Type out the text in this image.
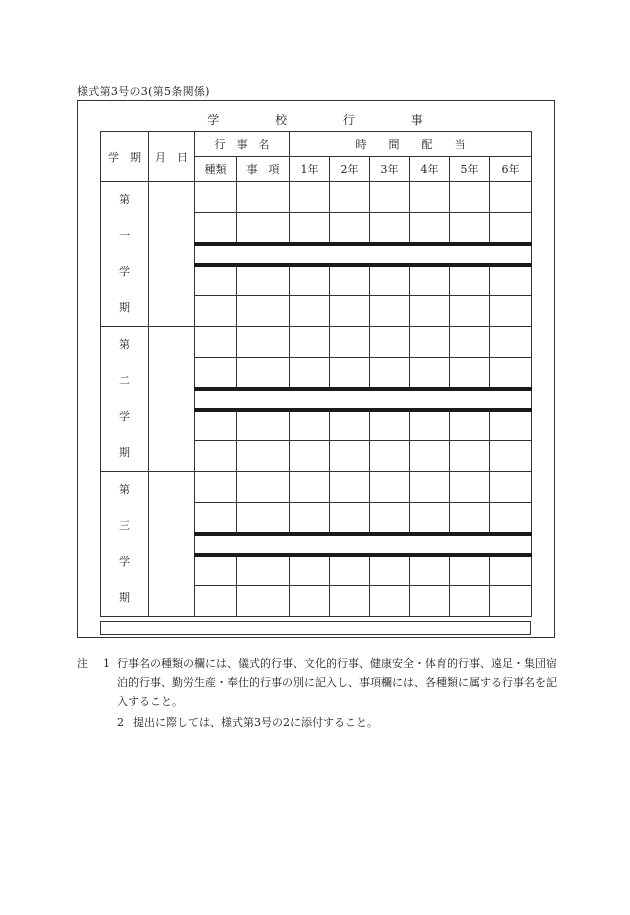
様式第3号の3(第5条関係)
学	校	行	事
学　期	月　日	行　事　名		時　　間　　配　　当					
		種類	事　項	1年	2年	3年	4年	5年	6年

第
一
学
期									

第
二
学
期									

第
三
学
期									

注 1 行事名の種類の欄には、儀式的行事、文化的行事、健康安全・体育的行事、遠足・集団宿泊的行事、勤労生産・奉仕的行事の別に記入し、事項欄には、各種類に属する行事名を記入すること。
2 提出に際しては、様式第3号の2に添付すること。
